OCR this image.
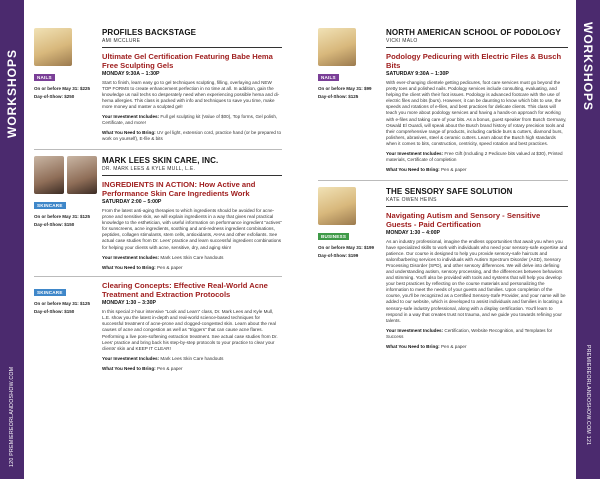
120 PREMIEREORLANDOSHOW.COM
WORKSHOPS	WORKSHOPS
PREMIEREORLANDOSHOW.COM 121
NAILS
On or before May 31: $225
Day-of-Show: $250
PROFILES BACKSTAGE
AMI MCCLURE
Ultimate Gel Certification Featuring Babe Hema Free Sculpting Gels
MONDAY 9:30A – 1:30P
Start to finish, learn easy go to gel techniques sculpting, filling, overlaying and NEW TOP FORMS to create enhancement perfection in no time at all. In addition, gain the knowledge us nail techs so desperately need when experiencing possible hema and di-hema allergies. This class is packed with info and techniques to save you time, make more money and master a sculpted gel!
Your Investment Includes: Full gel sculpting kit (Value of $00), Top forms, Gel polish, Certificate, and more!
What You Need to Bring: UV gel light, extension cord, practice hand (or be prepared to work on yourself), E-file & bits
SKINCARE
On or before May 31: $125
Day-of-Show: $150
MARK LEES SKIN CARE, INC.
DR. MARK LEES & KYLE MULL, L.E.
INGREDIENTS IN ACTION: How Active and Performance Skin Care Ingredients Work
SATURDAY 2:00 – 5:00P
From the latest anti-aging therapies to which ingredients should be avoided for acne-prone and sensitive skin, we will explain ingredients in a way that gives real practical knowledge to the esthetician, with useful information on performance ingredient "actives" for sunscreens, acne ingredients, soothing and anti-redness ingredient combinations, peptides, collagen stimulants, stem cells, antioxidants, AHAs and other exfoliants. See actual case studies from Dr. Lees' practice and learn successful ingredient combinations for helping your clients with acne, sensitive, dry, and aging skin!
Your Investment Includes: Mark Lees Skin Care handouts
What You Need to Bring: Pen & paper
SKINCARE
On or before May 31: $125
Day-of-Show: $150
Clearing Concepts: Effective Real-World Acne Treatment and Extraction Protocols
MONDAY 1:30 – 3:30P
In this special 2-hour intensive "Look and Learn" class, Dr. Mark Lees and Kyle Mull, L.E. show you the latest in-depth and real-world science-based techniques for successful treatment of acne-prone and clogged-congested skin. Learn about the real causes of acne and congestion as well as "triggers" that can cause acne flares. Performing a live pore-softening extraction treatment. See actual case studies from Dr. Lees' practice and bring back his step-by-step protocols to your practice to clear your clients' skin and KEEP IT CLEAR!
Your Investment Includes: Mark Lees Skin Care handouts
What You Need to Bring: Pen & paper
NAILS
On or before May 31: $99
Day-of-Show: $125
NORTH AMERICAN SCHOOL OF PODOLOGY
VICKI MALO
Podology Pedicuring with Electric Files & Busch Bits
SATURDAY 9:30A – 1:30P
With ever-changing clientele getting pedicures, foot care services must go beyond the pretty toes and polished nails. Podology services include consulting, evaluating, and helping the client with their foot issues. Podology is advanced footcare with the use of electric files and bits (burs). However, it can be daunting to know which bits to use, the speeds and rotations of e-files, and best practices for delicate clients. This class will teach you more about podology services and having a hands-on approach for working with e-files and taking care of your bits. As a bonus, guest speaker from Busch Germany, Oswald El Ouardi, will speak about the Busch brand history of rotary precision tools and their comprehensive range of products, including carbide burs & cutters, diamond burs, polishers, abrasives, steel & ceramic cutters. Learn about the Busch high standards when it comes to bits, construction, centricity, speed rotation and best practices.
Your Investment Includes: Free Gift (Including 2 Pedicure bits valued at $30), Printed materials, Certificate of completion
What You Need to Bring: Pen & paper
BUSINESS
On or before May 31: $199
Day-of-Show: $199
THE SENSORY SAFE SOLUTION
KATE OWEN HEINS
Navigating Autism and Sensory - Sensitive Guests - Paid Certification
MONDAY 1:30 – 4:00P
As an industry professional, imagine the endless opportunities that await you when you have specialized skills to work with individuals who need your sensory-safe expertise and patience. Our course is designed to help you provide sensory-safe haircuts and salon/barbering services to individuals with Autism Spectrum Disorder (ASD), Sensory Processing Disorder (SPD), and other sensory differences. We will delve into defining and understanding autism, sensory processing, and the differences between behaviors and stimming. You'll also be provided with tools and systems that will help you develop your best practices by reflecting on the course materials and personalizing the information to meet the needs of your guests and families. Upon completion of the course, you'll be recognized as a Certified Sensory-Safe Provider, and your name will be added to our website, which is developed to assist individuals and families in locating a sensory-safe industry professional, along with a display certification. You'll learn to respond in a way that creates trust not trauma, and we guide you towards refining your talents.
Your Investment Includes: Certification, Website Recognition, and Templates for Success
What You Need to Bring: Pen & paper
